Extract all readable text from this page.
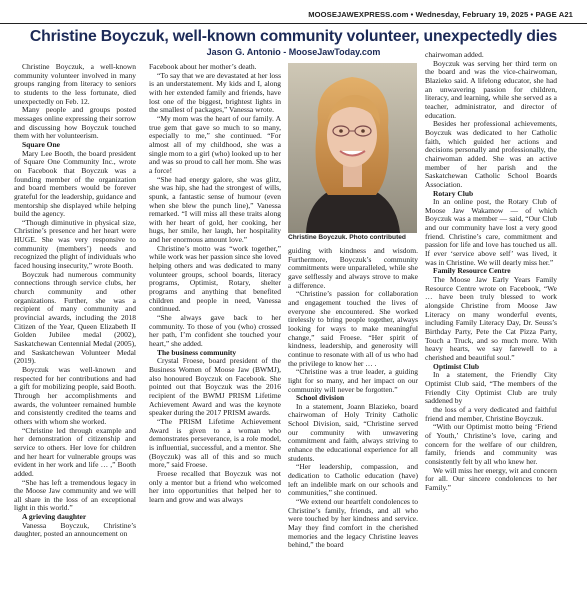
MOOSEJAWEXPRESS.com • Wednesday, February 19, 2025 • PAGE A21
Christine Boyczuk, well-known community volunteer, unexpectedly dies
Jason G. Antonio - MooseJawToday.com

Christine Boyczuk, a well-known community volunteer involved in many groups ranging from literacy to seniors to students to the less fortunate, died unexpectedly on Feb. 12.

Many people and groups posted messages online expressing their sorrow and discussing how Boyczuk touched them with her volunteerism.

Square One

Mary Lee Booth, the board president of Square One Community Inc., wrote on Facebook that Boyczuk was a founding member of the organization and board members would be forever grateful for the leadership, guidance and mentorship she displayed while helping build the agency.

“Though diminutive in physical size, Christine’s presence and her heart were HUGE. She was very responsive to community (members’) needs and recognized the plight of individuals who faced housing insecurity,” wrote Booth.

Boyczuk had numerous community connections through service clubs, her church community and other organizations. Further, she was a recipient of many community and provincial awards, including the 2018 Citizen of the Year, Queen Elizabeth II Golden Jubilee medal (2002), Saskatchewan Centennial Medal (2005), and Saskatchewan Volunteer Medal (2019).

Boyczuk was well-known and respected for her contributions and had a gift for mobilizing people, said Booth. Through her accomplishments and awards, the volunteer remained humble and consistently credited the teams and others with whom she worked.

“Christine led through example and her demonstration of citizenship and service to others. Her love for children and her heart for vulnerable groups was evident in her work and life … ,” Booth added.

“She has left a tremendous legacy in the Moose Jaw community and we will all share in the loss of an exceptional light in this world.”

A grieving daughter

Vanessa Boyczuk, Christine’s daughter, posted an announcement on

Facebook about her mother’s death.

“To say that we are devastated at her loss is an understatement. My kids and I, along with her extended family and friends, have lost one of the biggest, brightest lights in the smallest of packages,” Vanessa wrote.

“My mom was the heart of our family. A true gem that gave so much to so many, especially to me,” she continued. “For almost all of my childhood, she was a single mom to a girl (who) looked up to her and was so proud to call her mom. She was a force!

“She had energy galore, she was glitz, she was hip, she had the strongest of wills, spunk, a fantastic sense of humour (even when she blew the punch line),” Vanessa remarked. “I will miss all these traits along with her heart of gold, her cooking, her hugs, her smile, her laugh, her hospitality and her enormous amount love.”

Christine’s motto was “work together,” while work was her passion since she loved helping others and was dedicated to many volunteer groups, school boards, literacy programs, Optimist, Rotary, shelter programs and anything that benefited children and people in need, Vanessa continued.

“She always gave back to her community. To those of you (who) crossed her path, I’m confident she touched your heart,” she added.

The business community

Crystal Froese, board president of the Business Women of Moose Jaw (BWMJ), also honoured Boyczuk on Facebook. She pointed out that Boyczuk was the 2016 recipient of the BWMJ PRISM Lifetime Achievement Award and was the keynote speaker during the 2017 PRISM awards.

“The PRISM Lifetime Achievement Award is given to a woman who demonstrates perseverance, is a role model, is influential, successful, and a mentor. She (Boyczuk) was all of this and so much more,” said Froese.

Froese recalled that Boyczuk was not only a mentor but a friend who welcomed her into opportunities that helped her to learn and grow and was always

Christine Boyczuk. Photo contributed

guiding with kindness and wisdom. Furthermore, Boyczuk’s community commitments were unparalleled, while she gave selflessly and always strove to make a difference.

“Christine’s passion for collaboration and engagement touched the lives of everyone she encountered. She worked tirelessly to bring people together, always looking for ways to make meaningful change,” said Froese. “Her spirit of kindness, leadership, and generosity will continue to resonate with all of us who had the privilege to know her … .

“Christine was a true leader, a guiding light for so many, and her impact on our community will never be forgotten.”

School division

In a statement, Joann Blazieko, board chairwoman of Holy Trinity Catholic School Division, said, “Christine served our community with unwavering commitment and faith, always striving to enhance the educational experience for all students.

“Her leadership, compassion, and dedication to Catholic education (have) left an indelible mark on our schools and communities,” she continued.

“We extend our heartfelt condolences to Christine’s family, friends, and all who were touched by her kindness and service. May they find comfort in the cherished memories and the legacy Christine leaves behind,” the board

chairwoman added.

Boyczuk was serving her third term on the board and was the vice-chairwoman, Blazieko said. A lifelong educator, she had an unwavering passion for children, literacy, and learning, while she served as a teacher, administrator, and director of education.

Besides her professional achievements, Boyczuk was dedicated to her Catholic faith, which guided her actions and decisions personally and professionally, the chairwoman added. She was an active member of her parish and the Saskatchewan Catholic School Boards Association.

Rotary Club

In an online post, the Rotary Club of Moose Jaw Wakamow — of which Boyczuk was a member — said, “Our Club and our community have lost a very good friend. Christine’s care, commitment and passion for life and love has touched us all. If ever ‘service above self’ was lived, it was in Christine. We will dearly miss her.”

Family Resource Centre

The Moose Jaw Early Years Family Resource Centre wrote on Facebook, “We … have been truly blessed to work alongside Christine from Moose Jaw Literacy on many wonderful events, including Family Literacy Day, Dr. Seuss’s Birthday Party, Pete the Cat Pizza Party, Touch a Truck, and so much more. With heavy hearts, we say farewell to a cherished and beautiful soul.”

Optimist Club

In a statement, the Friendly City Optimist Club said, “The members of the Friendly City Optimist Club are truly saddened by

the loss of a very dedicated and faithful friend and member, Christine Boyczuk.

“With our Optimist motto being ‘Friend of Youth,’ Christine’s love, caring and concern for the welfare of our children, family, friends and community was consistently felt by all who knew her.

We will miss her energy, wit and concern for all. Our sincere condolences to her Family.”
